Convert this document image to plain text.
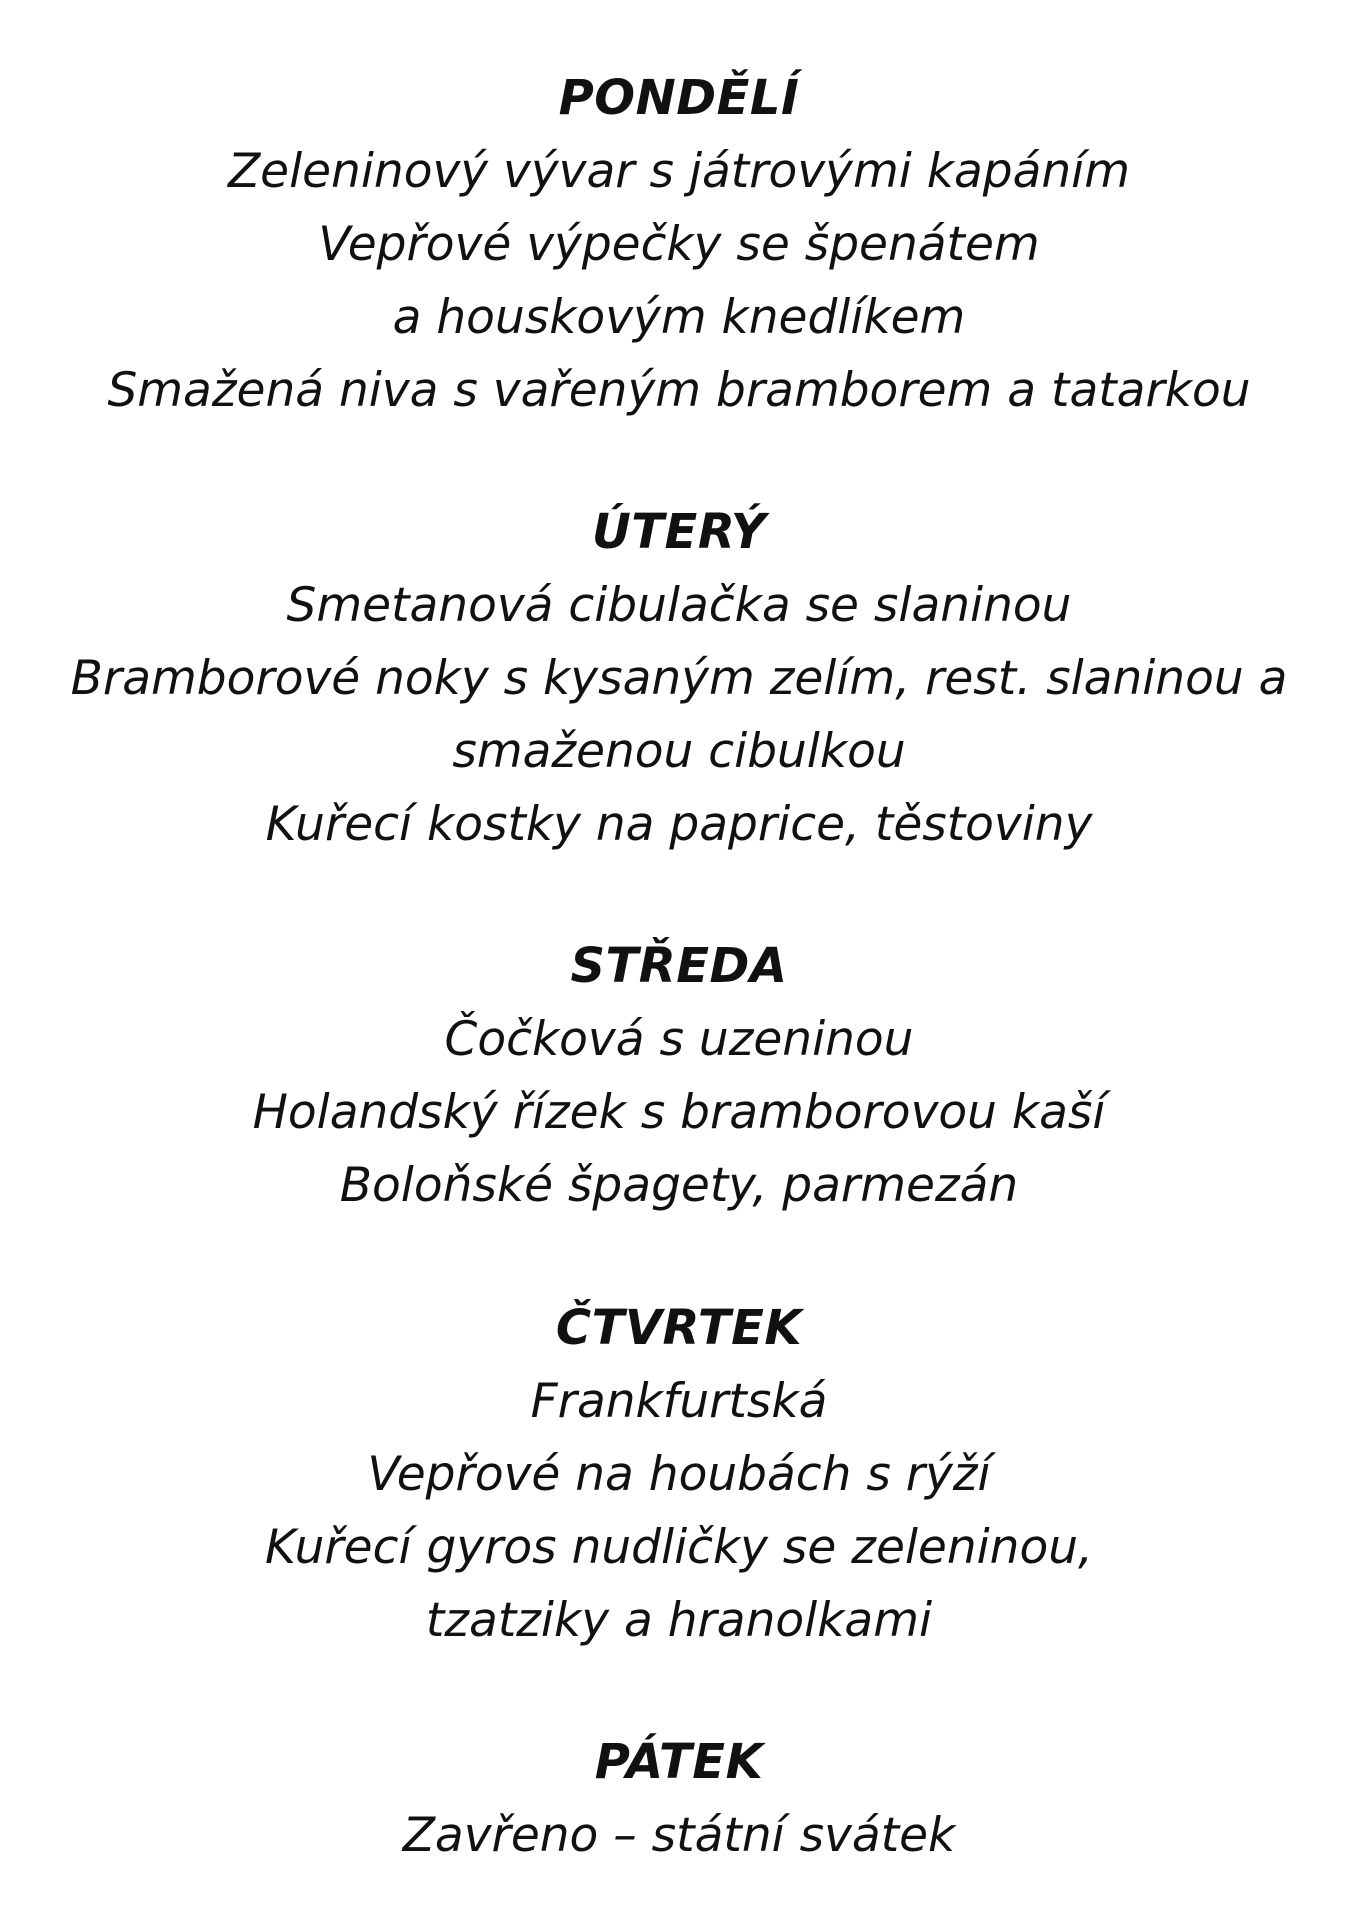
PONDĚLÍ
Zeleninový vývar s játrovými kapáním
Vepřové výpečky se špenátem
a houskovým knedlíkem
Smažená niva s vařeným bramborem a tatarkou
ÚTERÝ
Smetanová cibulačka se slaninou
Bramborové noky s kysaným zelím, rest. slaninou a
smaženou cibulkou
Kuřecí kostky na paprice, těstoviny
STŘEDA
Čočková s uzeninou
Holandský řízek s bramborovou kaší
Boloňské špagety, parmezán
ČTVRTEK
Frankfurtská
Vepřové na houbách s rýží
Kuřecí gyros nudličky se zeleninou,
tzatziky a hranolkami
PÁTEK
Zavřeno – státní svátek
